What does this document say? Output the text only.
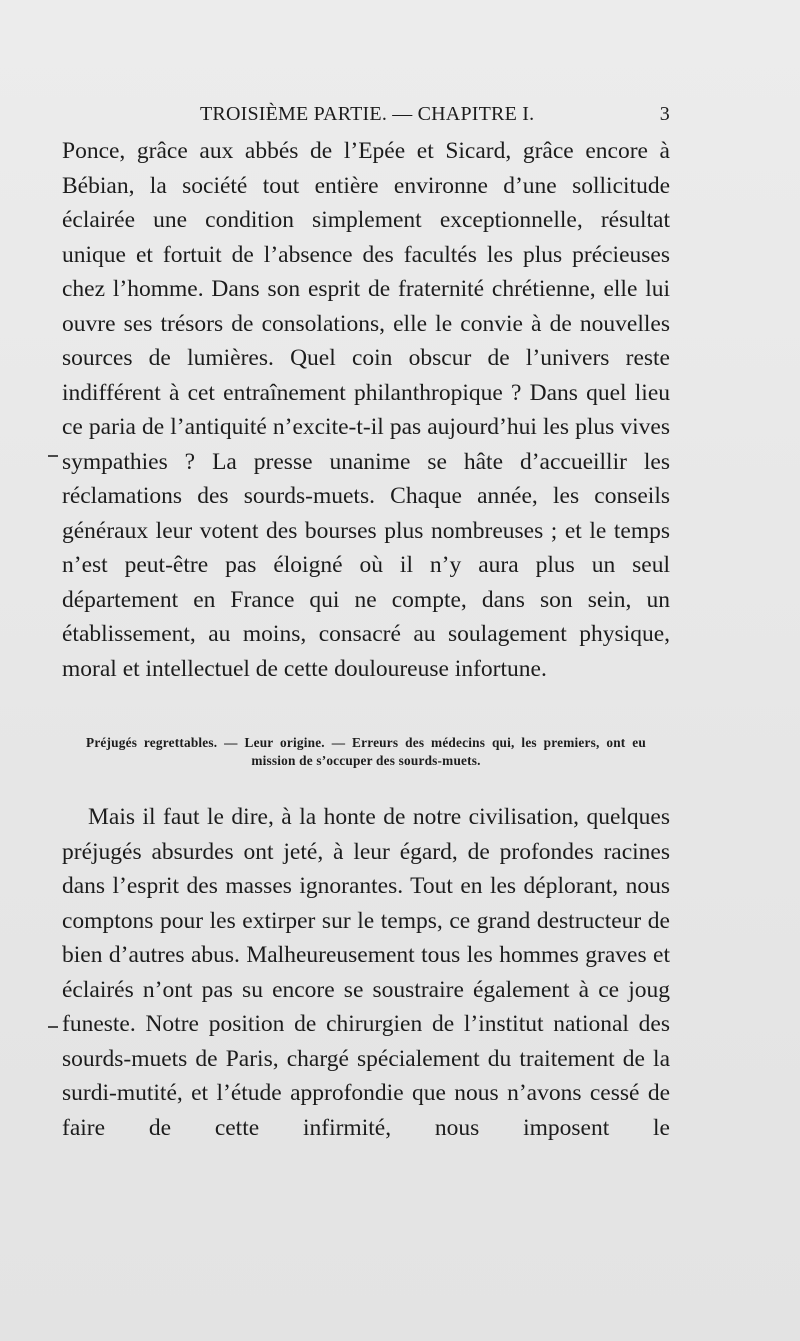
TROISIÈME PARTIE. — CHAPITRE I.	3

Ponce, grâce aux abbés de l’Epée et Sicard, grâce encore à Bébian, la société tout entière environne d’une sollicitude éclairée une condition simplement exceptionnelle, résultat unique et fortuit de l’absence des facultés les plus précieuses chez l’homme. Dans son esprit de fraternité chrétienne, elle lui ouvre ses trésors de consolations, elle le convie à de nouvelles sources de lumières. Quel coin obscur de l’univers reste indifférent à cet entraînement philanthropique ? Dans quel lieu ce paria de l’antiquité n’excite-t-il pas aujourd’hui les plus vives sympathies ? La presse unanime se hâte d’accueillir les réclamations des sourds-muets. Chaque année, les conseils généraux leur votent des bourses plus nombreuses ; et le temps n’est peut-être pas éloigné où il n’y aura plus un seul département en France qui ne compte, dans son sein, un établissement, au moins, consacré au soulagement physique, moral et intellectuel de cette douloureuse infortune.

Préjugés regrettables. — Leur origine. — Erreurs des médecins qui, les premiers, ont eu mission de s’occuper des sourds-muets.

Mais il faut le dire, à la honte de notre civilisation, quelques préjugés absurdes ont jeté, à leur égard, de profondes racines dans l’esprit des masses ignorantes. Tout en les déplorant, nous comptons pour les extirper sur le temps, ce grand destructeur de bien d’autres abus. Malheureusement tous les hommes graves et éclairés n’ont pas su encore se soustraire également à ce joug funeste. Notre position de chirurgien de l’institut national des sourds-muets de Paris, chargé spécialement du traitement de la surdi-mutité, et l’étude approfondie que nous n’avons cessé de faire de cette infirmité, nous imposent le
